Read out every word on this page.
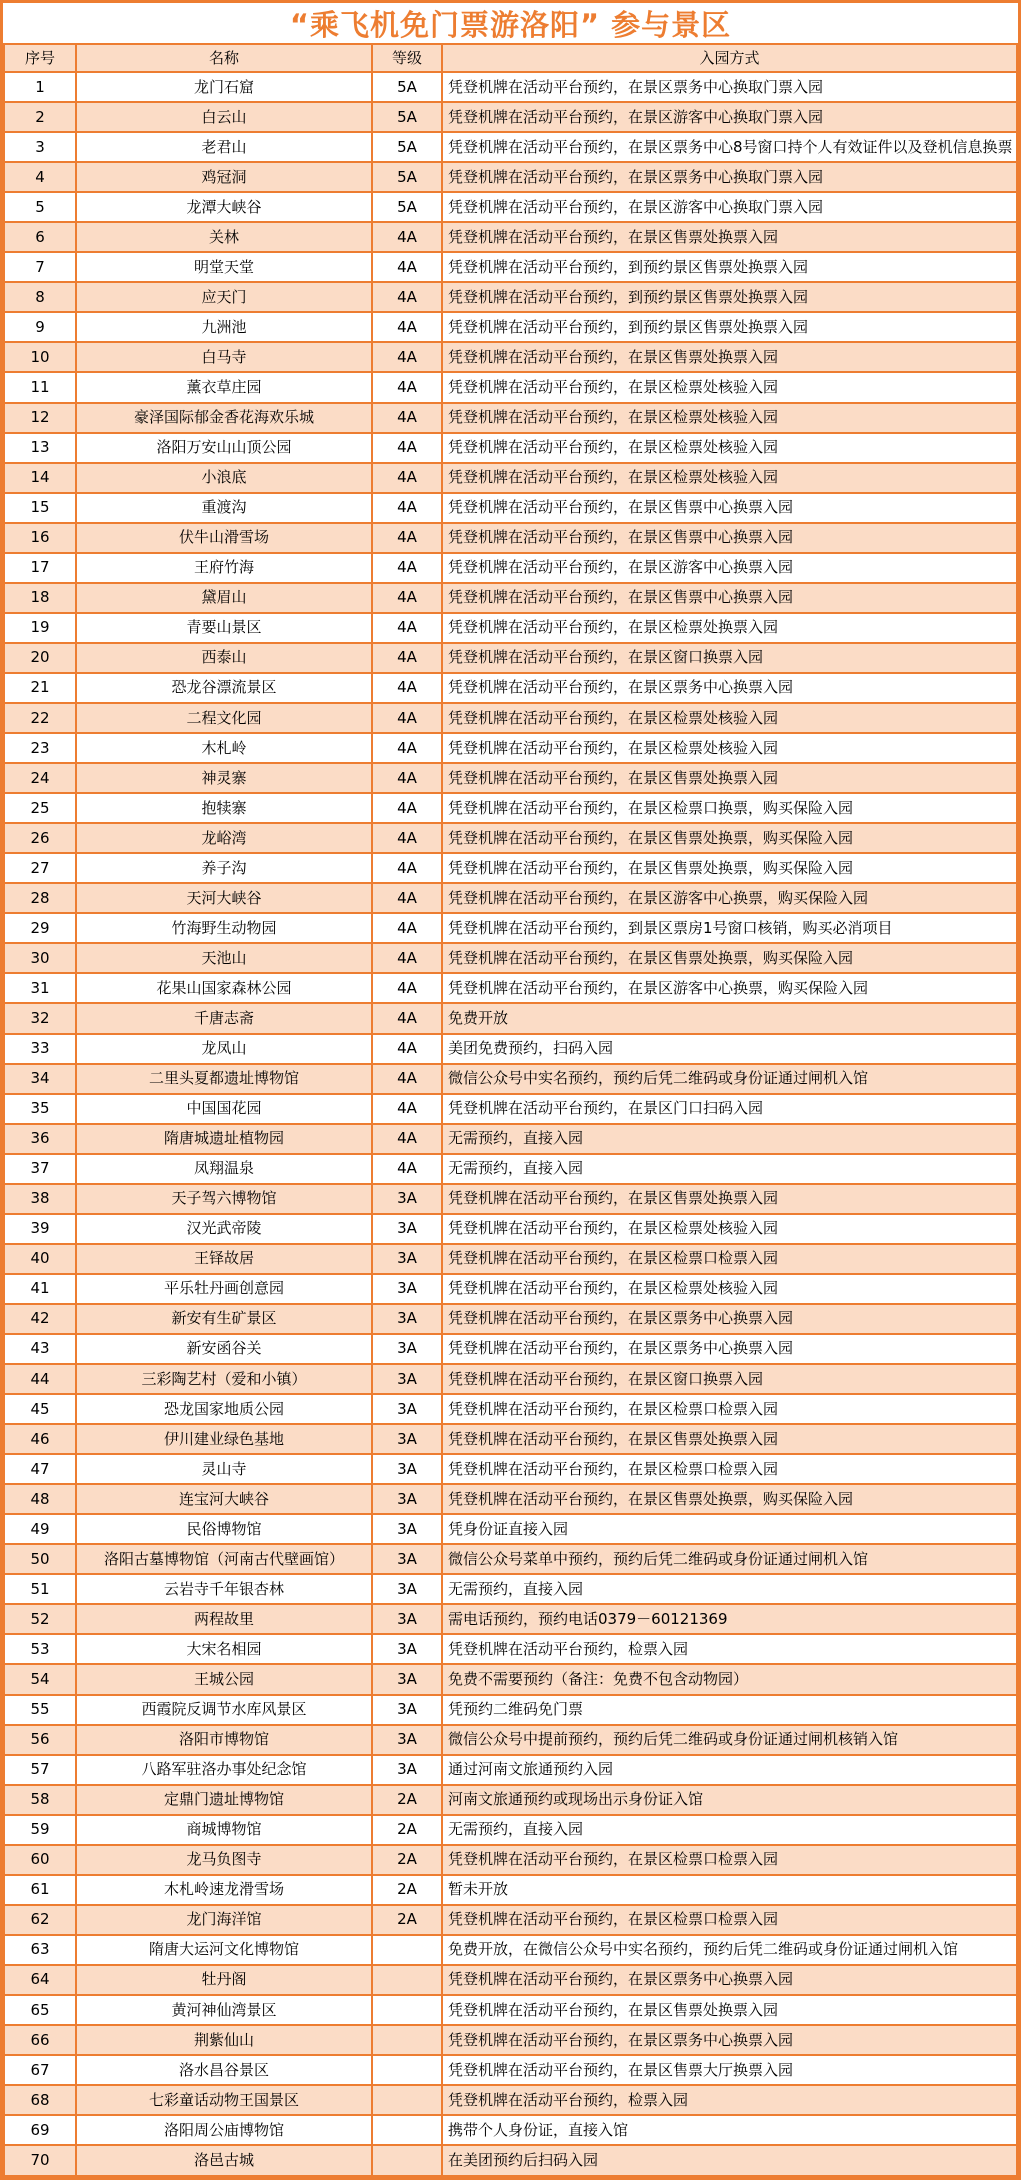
“乘飞机免门票游洛阳” 参与景区
序号	名称	等级	入园方式
1	龙门石窟	5A	凭登机牌在活动平台预约，在景区票务中心换取门票入园
2	白云山	5A	凭登机牌在活动平台预约，在景区游客中心换取门票入园
3	老君山	5A	凭登机牌在活动平台预约，在景区票务中心8号窗口持个人有效证件以及登机信息换票
4	鸡冠洞	5A	凭登机牌在活动平台预约，在景区票务中心换取门票入园
5	龙潭大峡谷	5A	凭登机牌在活动平台预约，在景区游客中心换取门票入园
6	关林	4A	凭登机牌在活动平台预约，在景区售票处换票入园
7	明堂天堂	4A	凭登机牌在活动平台预约，到预约景区售票处换票入园
8	应天门	4A	凭登机牌在活动平台预约，到预约景区售票处换票入园
9	九洲池	4A	凭登机牌在活动平台预约，到预约景区售票处换票入园
10	白马寺	4A	凭登机牌在活动平台预约，在景区售票处换票入园
11	薰衣草庄园	4A	凭登机牌在活动平台预约，在景区检票处核验入园
12	豪泽国际郁金香花海欢乐城	4A	凭登机牌在活动平台预约，在景区检票处核验入园
13	洛阳万安山山顶公园	4A	凭登机牌在活动平台预约，在景区检票处核验入园
14	小浪底	4A	凭登机牌在活动平台预约，在景区检票处核验入园
15	重渡沟	4A	凭登机牌在活动平台预约，在景区售票中心换票入园
16	伏牛山滑雪场	4A	凭登机牌在活动平台预约，在景区售票中心换票入园
17	王府竹海	4A	凭登机牌在活动平台预约，在景区游客中心换票入园
18	黛眉山	4A	凭登机牌在活动平台预约，在景区售票中心换票入园
19	青要山景区	4A	凭登机牌在活动平台预约，在景区检票处换票入园
20	西泰山	4A	凭登机牌在活动平台预约，在景区窗口换票入园
21	恐龙谷漂流景区	4A	凭登机牌在活动平台预约，在景区票务中心换票入园
22	二程文化园	4A	凭登机牌在活动平台预约，在景区检票处核验入园
23	木札岭	4A	凭登机牌在活动平台预约，在景区检票处核验入园
24	神灵寨	4A	凭登机牌在活动平台预约，在景区售票处换票入园
25	抱犊寨	4A	凭登机牌在活动平台预约，在景区检票口换票，购买保险入园
26	龙峪湾	4A	凭登机牌在活动平台预约，在景区售票处换票，购买保险入园
27	养子沟	4A	凭登机牌在活动平台预约，在景区售票处换票，购买保险入园
28	天河大峡谷	4A	凭登机牌在活动平台预约，在景区游客中心换票，购买保险入园
29	竹海野生动物园	4A	凭登机牌在活动平台预约，到景区票房1号窗口核销，购买必消项目
30	天池山	4A	凭登机牌在活动平台预约，在景区售票处换票，购买保险入园
31	花果山国家森林公园	4A	凭登机牌在活动平台预约，在景区游客中心换票，购买保险入园
32	千唐志斋	4A	免费开放
33	龙凤山	4A	美团免费预约，扫码入园
34	二里头夏都遗址博物馆	4A	微信公众号中实名预约，预约后凭二维码或身份证通过闸机入馆
35	中国国花园	4A	凭登机牌在活动平台预约，在景区门口扫码入园
36	隋唐城遗址植物园	4A	无需预约，直接入园
37	凤翔温泉	4A	无需预约，直接入园
38	天子驾六博物馆	3A	凭登机牌在活动平台预约，在景区售票处换票入园
39	汉光武帝陵	3A	凭登机牌在活动平台预约，在景区检票处核验入园
40	王铎故居	3A	凭登机牌在活动平台预约，在景区检票口检票入园
41	平乐牡丹画创意园	3A	凭登机牌在活动平台预约，在景区检票处核验入园
42	新安有生矿景区	3A	凭登机牌在活动平台预约，在景区票务中心换票入园
43	新安函谷关	3A	凭登机牌在活动平台预约，在景区票务中心换票入园
44	三彩陶艺村（爱和小镇）	3A	凭登机牌在活动平台预约，在景区窗口换票入园
45	恐龙国家地质公园	3A	凭登机牌在活动平台预约，在景区检票口检票入园
46	伊川建业绿色基地	3A	凭登机牌在活动平台预约，在景区售票处换票入园
47	灵山寺	3A	凭登机牌在活动平台预约，在景区检票口检票入园
48	连宝河大峡谷	3A	凭登机牌在活动平台预约，在景区售票处换票，购买保险入园
49	民俗博物馆	3A	凭身份证直接入园
50	洛阳古墓博物馆（河南古代壁画馆）	3A	微信公众号菜单中预约，预约后凭二维码或身份证通过闸机入馆
51	云岩寺千年银杏林	3A	无需预约，直接入园
52	两程故里	3A	需电话预约，预约电话0379－60121369
53	大宋名相园	3A	凭登机牌在活动平台预约，检票入园
54	王城公园	3A	免费不需要预约（备注：免费不包含动物园）
55	西霞院反调节水库风景区	3A	凭预约二维码免门票
56	洛阳市博物馆	3A	微信公众号中提前预约，预约后凭二维码或身份证通过闸机核销入馆
57	八路军驻洛办事处纪念馆	3A	通过河南文旅通预约入园
58	定鼎门遗址博物馆	2A	河南文旅通预约或现场出示身份证入馆
59	商城博物馆	2A	无需预约，直接入园
60	龙马负图寺	2A	凭登机牌在活动平台预约，在景区检票口检票入园
61	木札岭速龙滑雪场	2A	暂未开放
62	龙门海洋馆	2A	凭登机牌在活动平台预约，在景区检票口检票入园
63	隋唐大运河文化博物馆		免费开放，在微信公众号中实名预约，预约后凭二维码或身份证通过闸机入馆
64	牡丹阁		凭登机牌在活动平台预约，在景区票务中心换票入园
65	黄河神仙湾景区		凭登机牌在活动平台预约，在景区售票处换票入园
66	荆紫仙山		凭登机牌在活动平台预约，在景区票务中心换票入园
67	洛水昌谷景区		凭登机牌在活动平台预约，在景区售票大厅换票入园
68	七彩童话动物王国景区		凭登机牌在活动平台预约，检票入园
69	洛阳周公庙博物馆		携带个人身份证，直接入馆
70	洛邑古城		在美团预约后扫码入园
